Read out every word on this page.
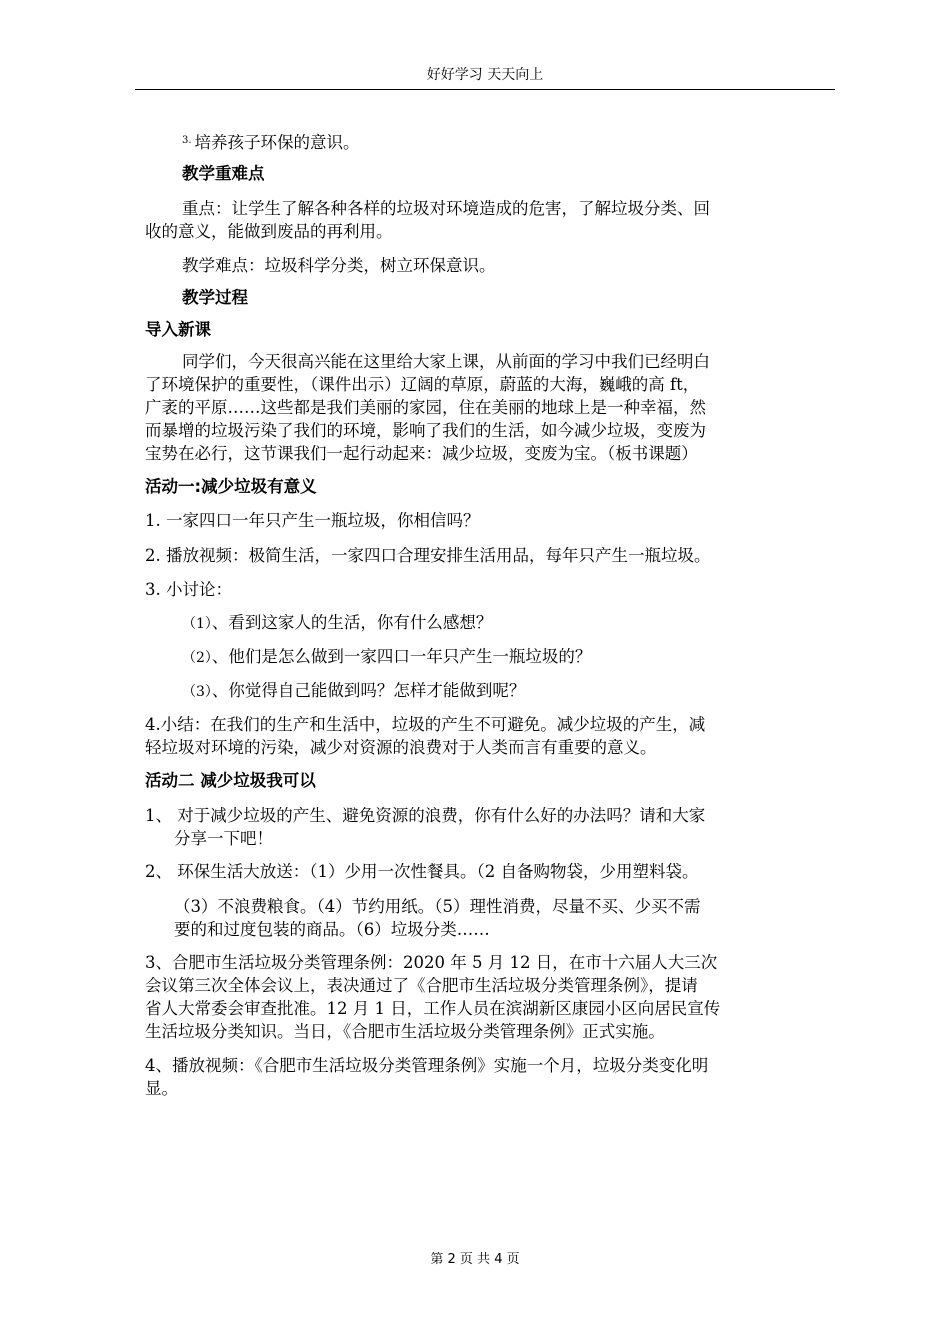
好好学习 天天向上
$^{3.}$ 培养孩子环保的意识。
教学重难点
重点：让学生了解各种各样的垃圾对环境造成的危害，了解垃圾分类、回
收的意义，能做到废品的再利用。
教学难点：垃圾科学分类，树立环保意识。
教学过程
导入新课
同学们，今天很高兴能在这里给大家上课，从前面的学习中我们已经明白
了环境保护的重要性，（课件出示）辽阔的草原，蔚蓝的大海，巍峨的高 ft，
广袤的平原……这些都是我们美丽的家园，住在美丽的地球上是一种幸福，然
而暴增的垃圾污染了我们的环境，影响了我们的生活，如今减少垃圾，变废为
宝势在必行，这节课我们一起行动起来：减少垃圾，变废为宝。（板书课题）
活动一:减少垃圾有意义
1. 一家四口一年只产生一瓶垃圾，你相信吗？
2. 播放视频：极简生活，一家四口合理安排生活用品，每年只产生一瓶垃圾。
3. 小讨论：
（1）、看到这家人的生活，你有什么感想？
（2）、他们是怎么做到一家四口一年只产生一瓶垃圾的？
（3）、你觉得自己能做到吗？怎样才能做到呢？
4.小结：在我们的生产和生活中，垃圾的产生不可避免。减少垃圾的产生，减
轻垃圾对环境的污染，减少对资源的浪费对于人类而言有重要的意义。
活动二 减少垃圾我可以
1、 对于减少垃圾的产生、避免资源的浪费，你有什么好的办法吗？请和大家
分享一下吧！
2、 环保生活大放送：（1）少用一次性餐具。（2 自备购物袋，少用塑料袋。
（3）不浪费粮食。（4）节约用纸。（5）理性消费，尽量不买、少买不需
要的和过度包装的商品。（6）垃圾分类……
3、合肥市生活垃圾分类管理条例：2020 年 5 月 12 日，在市十六届人大三次
会议第三次全体会议上，表决通过了《合肥市生活垃圾分类管理条例》，提请
省人大常委会审查批准。12 月 1 日，工作人员在滨湖新区康园小区向居民宣传
生活垃圾分类知识。当日，《合肥市生活垃圾分类管理条例》正式实施。
4、播放视频：《合肥市生活垃圾分类管理条例》实施一个月，垃圾分类变化明
显。
第 2 页 共 4 页
